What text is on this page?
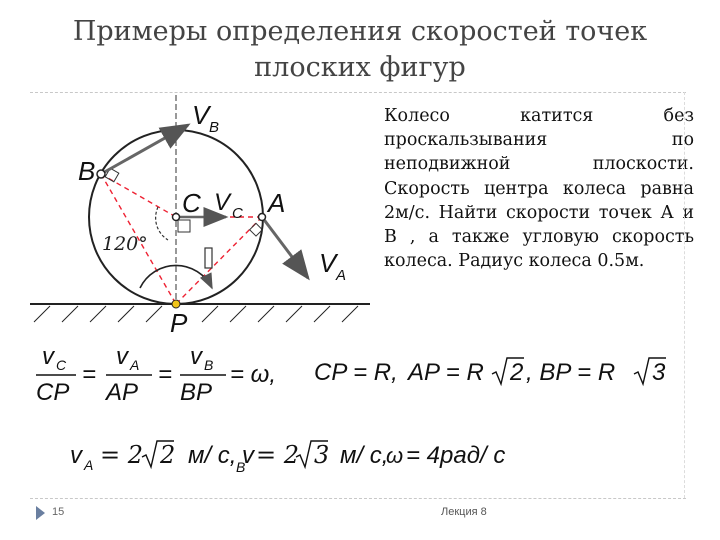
Примеры определения скоростей точек
плоских фигур
V B
B
C V C A
V A
P
120°
Колесо катится без проскальзывания по неподвижной плоскости. Скорость центра колеса равна 2м/с. Найти скорости точек А и В , а также угловую скорость колеса. Радиус колеса 0.5м.
v C
CP
=
v A
AP
=
v B
BP
= ω, CP = R, AP = R 2 , BP = R 3
v A = 2 2 м/ с, v
B = 2 3 м/ с,
ω = 4рад/ с
15	Лекция 8
